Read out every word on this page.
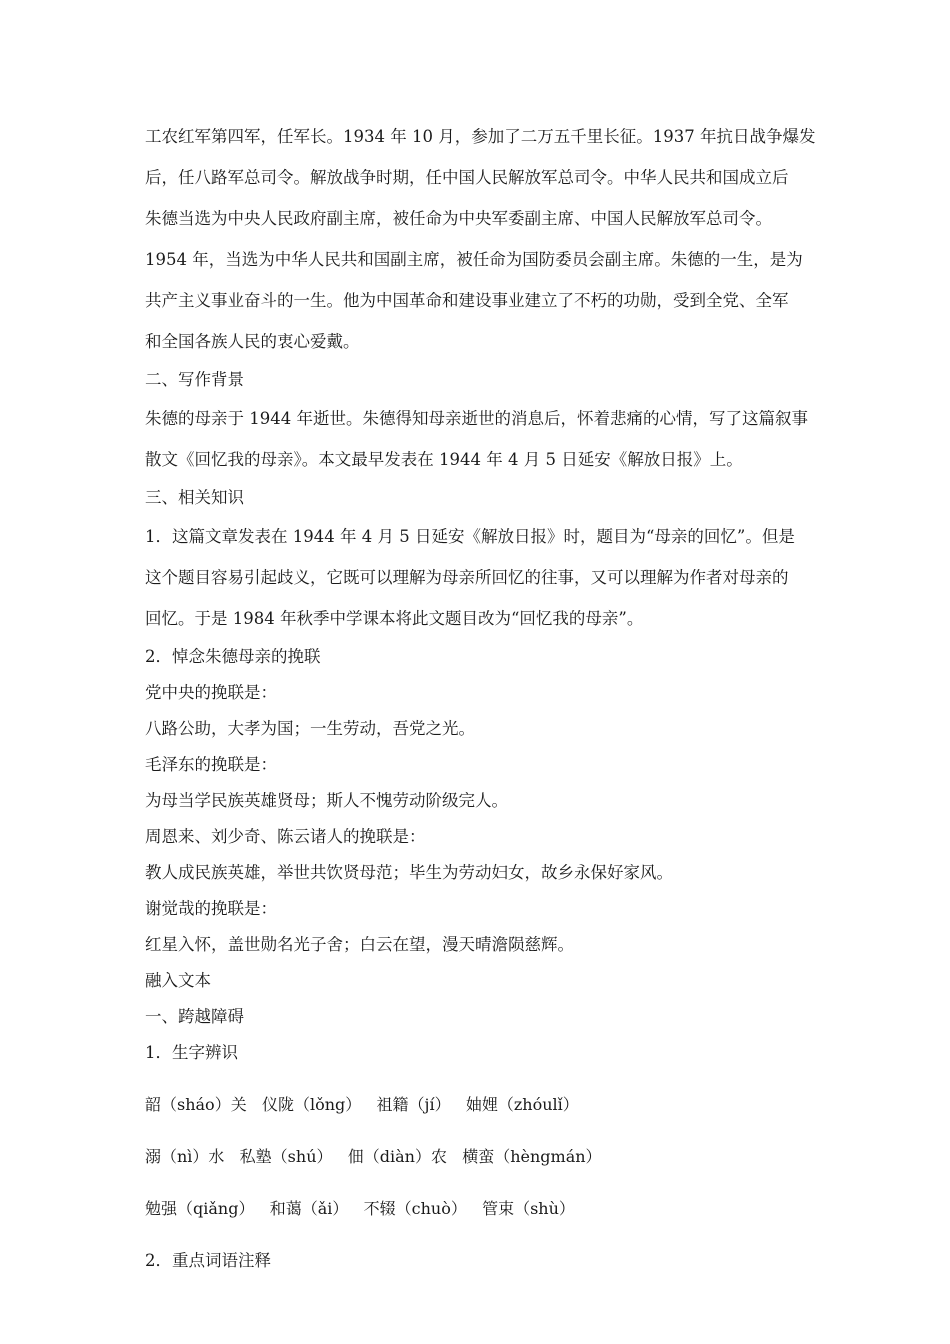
工农红军第四军，任军长。1934 年 10 月，参加了二万五千里长征。1937 年抗日战争爆发

后，任八路军总司令。解放战争时期，任中国人民解放军总司令。中华人民共和国成立后

朱德当选为中央人民政府副主席，被任命为中央军委副主席、中国人民解放军总司令。

1954 年，当选为中华人民共和国副主席，被任命为国防委员会副主席。朱德的一生，是为

共产主义事业奋斗的一生。他为中国革命和建设事业建立了不朽的功勋，受到全党、全军

和全国各族人民的衷心爱戴。

二、写作背景

朱德的母亲于 1944 年逝世。朱德得知母亲逝世的消息后，怀着悲痛的心情，写了这篇叙事

散文《回忆我的母亲》。本文最早发表在 1944 年 4 月 5 日延安《解放日报》上。

三、相关知识

1．这篇文章发表在 1944 年 4 月 5 日延安《解放日报》时，题目为“母亲的回忆”。但是

这个题目容易引起歧义，它既可以理解为母亲所回忆的往事，又可以理解为作者对母亲的

回忆。于是 1984 年秋季中学课本将此文题目改为“回忆我的母亲”。

2．悼念朱德母亲的挽联

党中央的挽联是：

八路公助，大孝为国；一生劳动，吾党之光。

毛泽东的挽联是：

为母当学民族英雄贤母；斯人不愧劳动阶级完人。

周恩来、刘少奇、陈云诸人的挽联是：

教人成民族英雄，举世共饮贤母范；毕生为劳动妇女，故乡永保好家风。

谢觉哉的挽联是：

红星入怀，盖世勋名光子舍；白云在望，漫天晴澹陨慈辉。

融入文本

一、跨越障碍

1．生字辨识

韶（sháo）关   仪陇（lǒng）   祖籍（jí）   妯娌（zhóulǐ）

溺（nì）水   私塾（shú）   佃（diàn）农   横蛮（hèngmán）

勉强（qiǎng）   和蔼（ǎi）   不辍（chuò）   管束（shù）

2．重点词语注释
